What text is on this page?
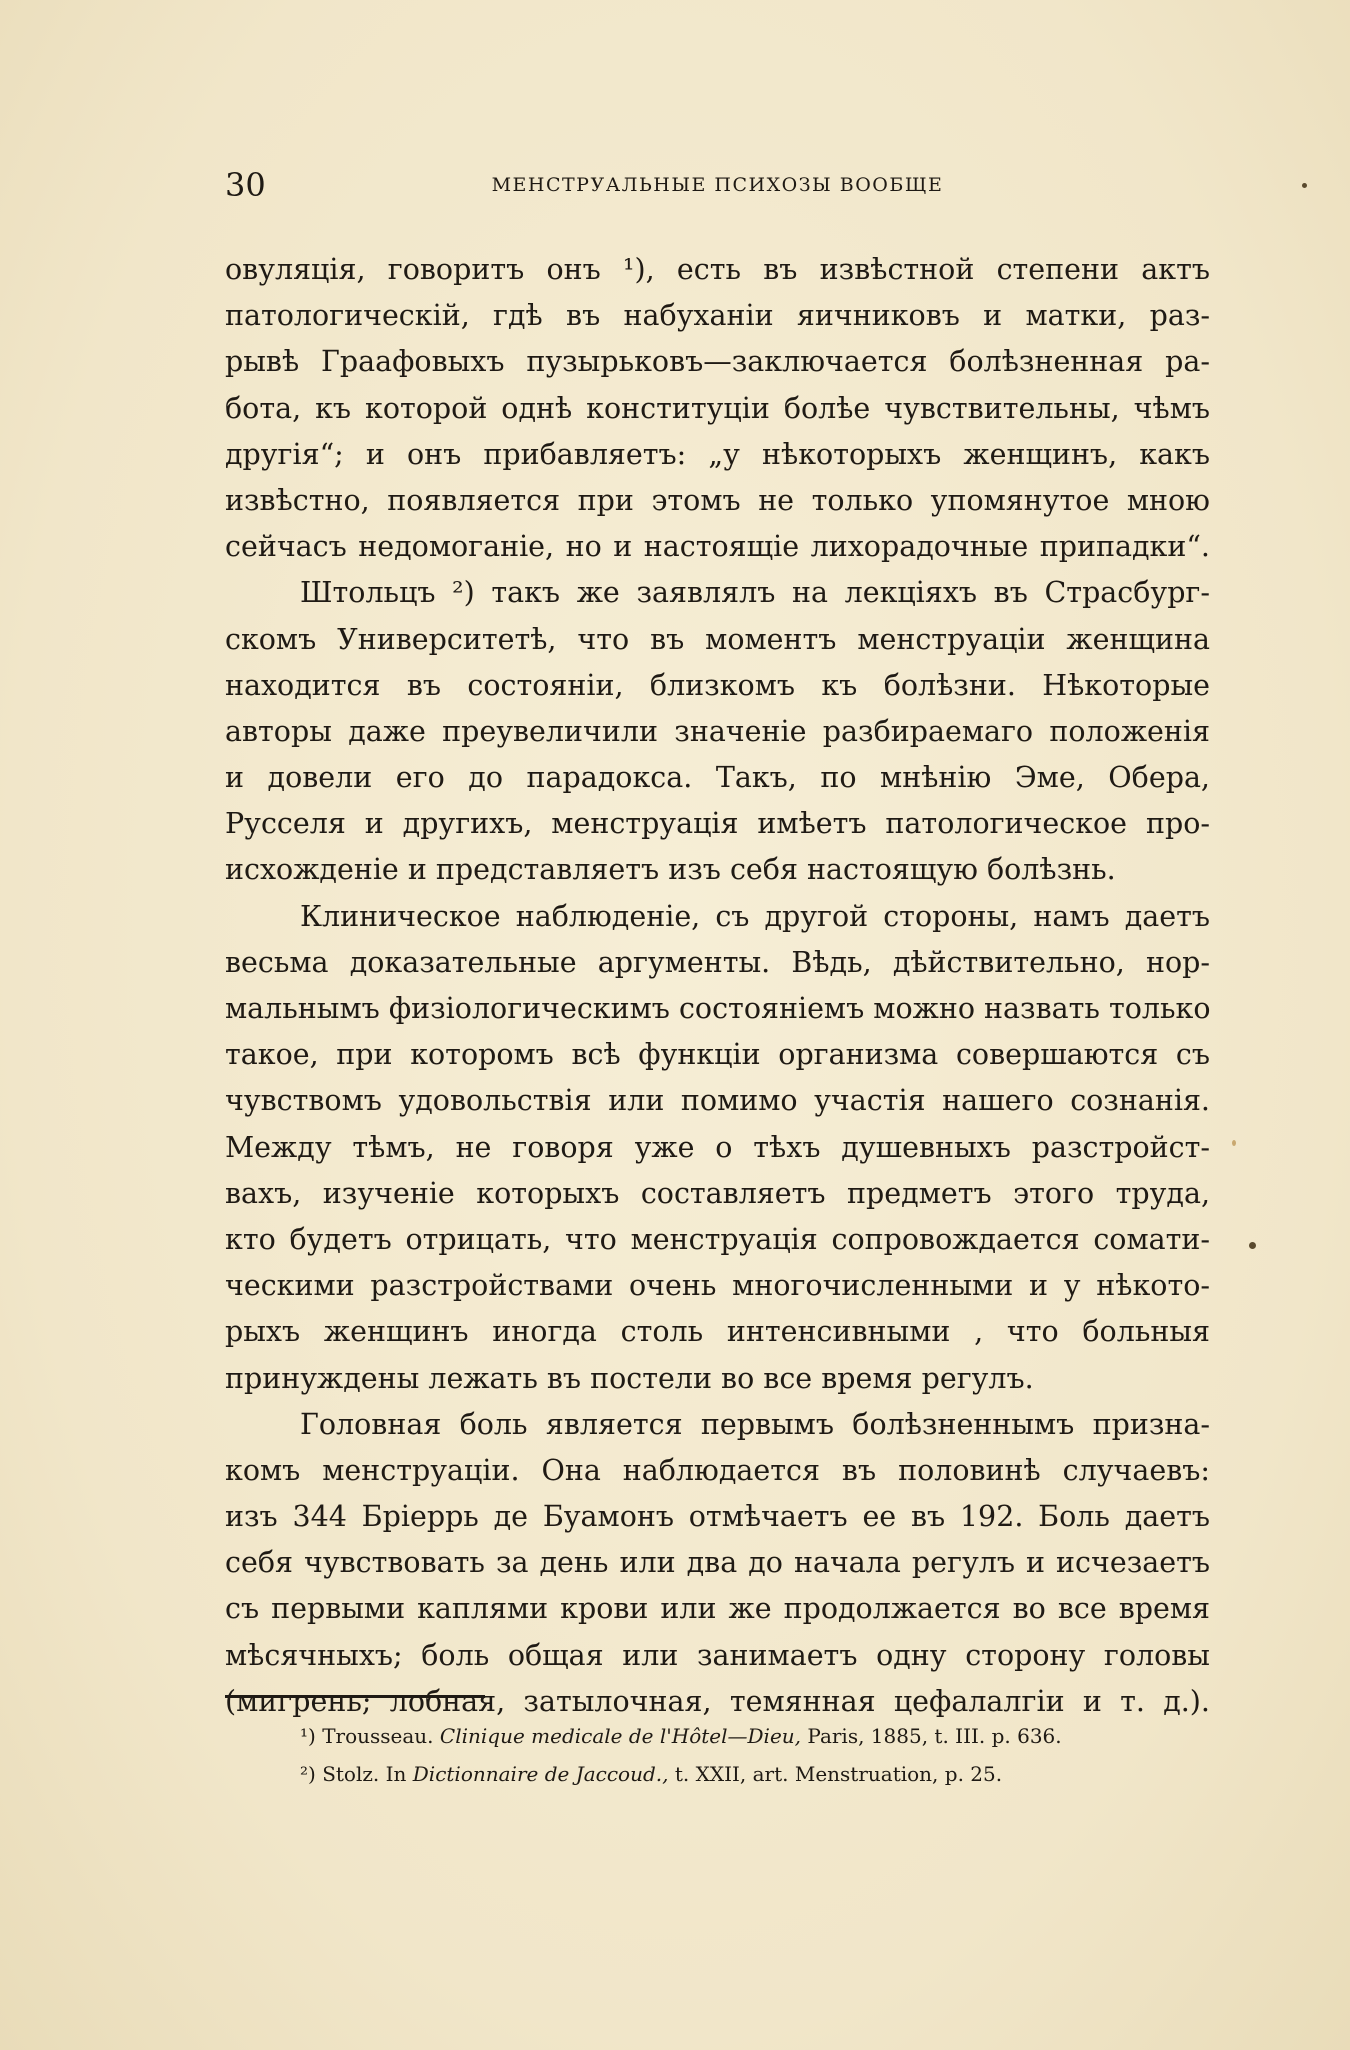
30	МЕНСТРУАЛЬНЫЕ ПСИХОЗЫ ВООБЩЕ
овуляція, говоритъ онъ ¹), есть въ извѣстной степени актъ
патологическій, гдѣ въ набуханіи яичниковъ и матки, раз-
рывѣ Граафовыхъ пузырьковъ—заключается болѣзненная ра-
бота, къ которой однѣ конституціи болѣе чувствительны, чѣмъ
другія“; и онъ прибавляетъ: „у нѣкоторыхъ женщинъ, какъ
извѣстно, появляется при этомъ не только упомянутое мною
сейчасъ недомоганіе, но и настоящіе лихорадочные припадки“.
Штольцъ ²) такъ же заявлялъ на лекціяхъ въ Страсбург-
скомъ Университетѣ, что въ моментъ менструаціи женщина
находится въ состояніи, близкомъ къ болѣзни. Нѣкоторые
авторы даже преувеличили значеніе разбираемаго положенія
и довели его до парадокса. Такъ, по мнѣнію Эме, Обера,
Русселя и другихъ, менструація имѣетъ патологическое про-
исхожденіе и представляетъ изъ себя настоящую болѣзнь.
Клиническое наблюденіе, съ другой стороны, намъ даетъ
весьма доказательные аргументы. Вѣдь, дѣйствительно, нор-
мальнымъ физіологическимъ состояніемъ можно назвать только
такое, при которомъ всѣ функціи организма совершаются съ
чувствомъ удовольствія или помимо участія нашего сознанія.
Между тѣмъ, не говоря уже о тѣхъ душевныхъ разстройст-
вахъ, изученіе которыхъ составляетъ предметъ этого труда,
кто будетъ отрицать, что менструація сопровождается сомати-
ческими разстройствами очень многочисленными и у нѣкото-
рыхъ женщинъ иногда столь интенсивными , что больныя
принуждены лежать въ постели во все время регулъ.
Головная боль является первымъ болѣзненнымъ призна-
комъ менструаціи. Она наблюдается въ половинѣ случаевъ:
изъ 344 Бріеррь де Буамонъ отмѣчаетъ ее въ 192. Боль даетъ
себя чувствовать за день или два до начала регулъ и исчезаетъ
съ первыми каплями крови или же продолжается во все время
мѣсячныхъ; боль общая или занимаетъ одну сторону головы
(мигрень; лобная, затылочная, темянная цефалалгіи и т. д.).
¹) Trousseau. Clinique medicale de l'Hôtel—Dieu, Paris, 1885, t. III. p. 636.
²) Stolz. In Dictionnaire de Jaccoud., t. XXII, art. Menstruation, p. 25.
